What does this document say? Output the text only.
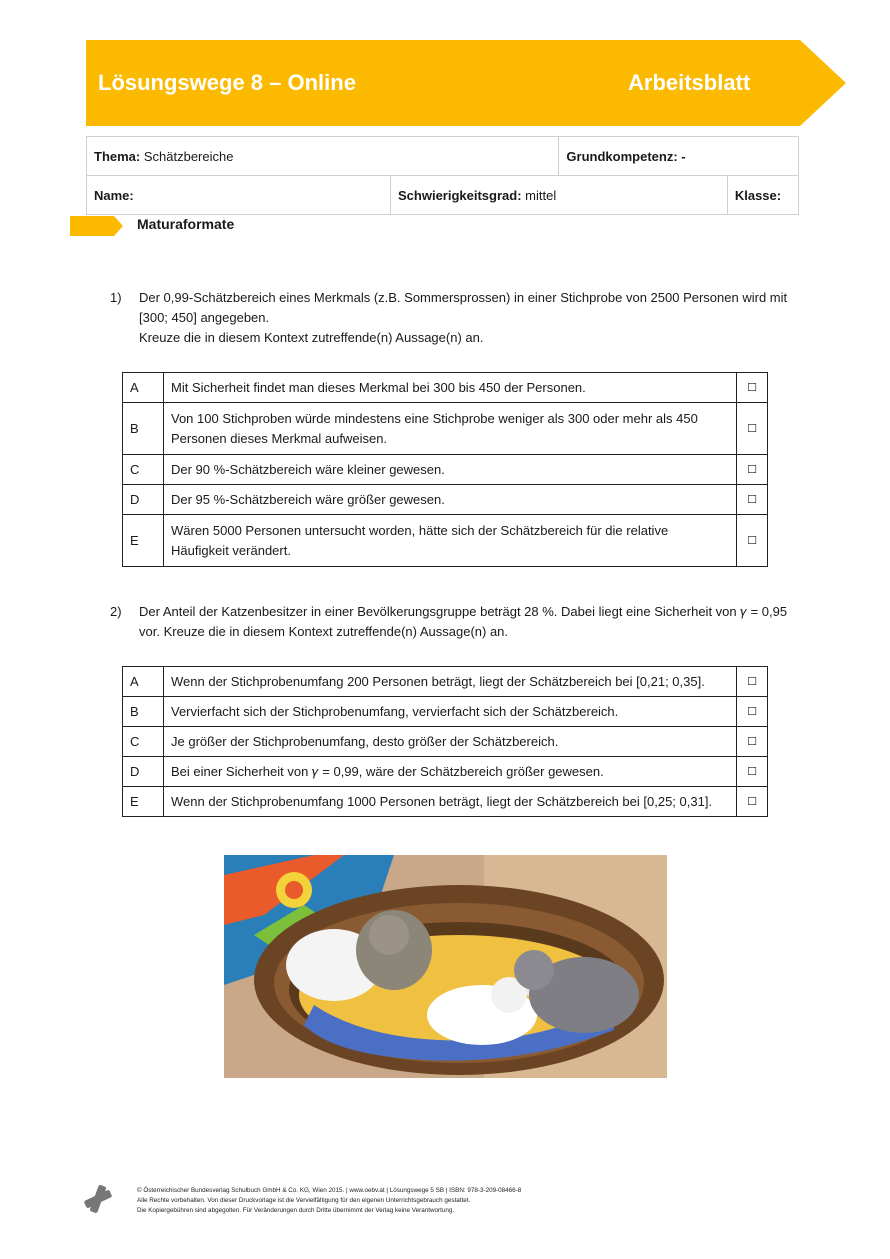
Lösungswege 8 – Online	Arbeitsblatt
Thema: Schätzbereiche		Grundkompetenz: -	
Name:	Schwierigkeitsgrad: mittel		Klasse:
Maturaformate
1) Der 0,99-Schätzbereich eines Merkmals (z.B. Sommersprossen) in einer Stichprobe von 2500 Personen wird mit
[300; 450] angegeben.
Kreuze die in diesem Kontext zutreffende(n) Aussage(n) an.
A	Mit Sicherheit findet man dieses Merkmal bei 300 bis 450 der Personen.	☐
B	Von 100 Stichproben würde mindestens eine Stichprobe weniger als 300 oder mehr als 450
Personen dieses Merkmal aufweisen.	☐
C	Der 90 %-Schätzbereich wäre kleiner gewesen.	☐
D	Der 95 %-Schätzbereich wäre größer gewesen.	☐
E	Wären 5000 Personen untersucht worden, hätte sich der Schätzbereich für die relative
Häufigkeit verändert.	☐
2) Der Anteil der Katzenbesitzer in einer Bevölkerungsgruppe beträgt 28 %. Dabei liegt eine Sicherheit von 𝛾 = 0,95
vor. Kreuze die in diesem Kontext zutreffende(n) Aussage(n) an.
A	Wenn der Stichprobenumfang 200 Personen beträgt, liegt der Schätzbereich bei [0,21; 0,35].	☐
B	Vervierfacht sich der Stichprobenumfang, vervierfacht sich der Schätzbereich.	☐
C	Je größer der Stichprobenumfang, desto größer der Schätzbereich.	☐
D	Bei einer Sicherheit von 𝛾 = 0,99, wäre der Schätzbereich größer gewesen.	☐
E	Wenn der Stichprobenumfang 1000 Personen beträgt, liegt der Schätzbereich bei [0,25; 0,31].	☐
© Österreichischer Bundesverlag Schulbuch GmbH & Co. KG, Wien 2015. | www.oebv.at | Lösungswege 5 SB | ISBN: 978-3-209-08466-8
Alle Rechte vorbehalten. Von dieser Druckvorlage ist die Vervielfältigung für den eigenen Unterrichtsgebrauch gestattet.
Die Kopiergebühren sind abgegolten. Für Veränderungen durch Dritte übernimmt der Verlag keine Verantwortung.
